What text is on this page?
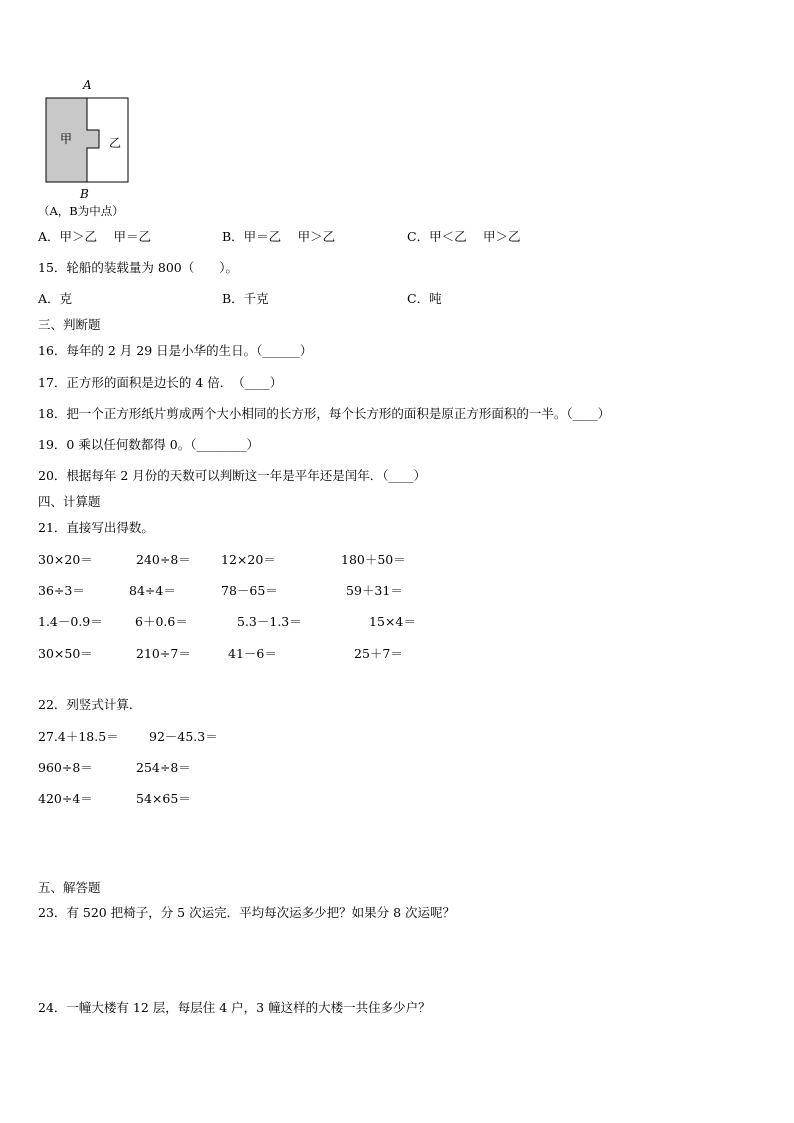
A
甲	乙
B
（A，B为中点）
A．甲＞乙　 甲＝乙	B．甲＝乙　 甲＞乙	C．甲＜乙　 甲＞乙
15．轮船的装载量为 800（　　）。
A．克	B．千克	C．吨
三、判断题
16．每年的 2 月 29 日是小华的生日。（______）
17．正方形的面积是边长的 4 倍．　（____）
18．把一个正方形纸片剪成两个大小相同的长方形，每个长方形的面积是原正方形面积的一半。（____）
19．0 乘以任何数都得 0。（________）
20．根据每年 2 月份的天数可以判断这一年是平年还是闰年．（____）
四、计算题
21．直接写出得数。
30×20＝	240÷8＝ 12×20＝	180＋50＝
36÷3＝	84÷4＝	78－65＝	59＋31＝
1.4－0.9＝	6＋0.6＝	5.3－1.3＝	15×4＝
30×50＝	210÷7＝	41－6＝	25＋7＝
22．列竖式计算．
27.4＋18.5＝ 92－45.3＝
960÷8＝	254÷8＝
420÷4＝	54×65＝
五、解答题
23．有 520 把椅子，分 5 次运完．平均每次运多少把？如果分 8 次运呢？
24．一幢大楼有 12 层，每层住 4 户，3 幢这样的大楼一共住多少户？
